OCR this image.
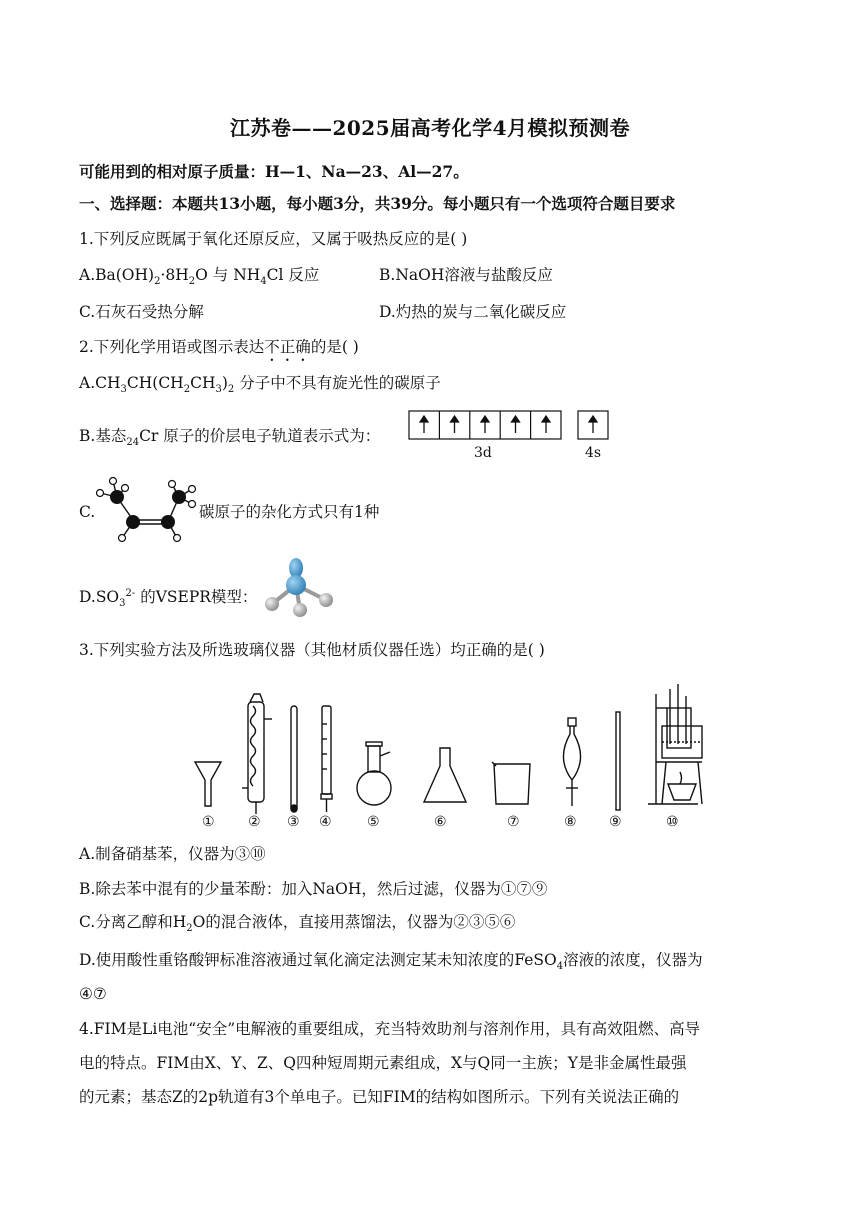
江苏卷——2025届高考化学4月模拟预测卷
可能用到的相对原子质量：H—1、Na—23、Al—27。
一、选择题：本题共13小题，每小题3分，共39分。每小题只有一个选项符合题目要求
1.下列反应既属于氧化还原反应，又属于吸热反应的是( )
$A.Ba(OH)_2\cdot 8H_2O$ 与 $NH_4Cl$ 反应	B.NaOH溶液与盐酸反应
C.石灰石受热分解	D.灼热的炭与二氧化碳反应
2.下列化学用语或图示表达不正确的是( )
$A.CH_3CH(CH_2CH_3)_2$ 分子中不具有旋光性的碳原子
B.基态$_{24}$Cr 原子的价层电子轨道表示式为：
3d	4s
C.	碳原子的杂化方式只有1种
$D.SO_3^{2-}$ 的VSEPR模型：
3.下列实验方法及所选玻璃仪器（其他材质仪器任选）均正确的是( )
① ② ③ ④	⑤	⑥	⑦	⑧ ⑨	⑩
A.制备硝基苯，仪器为③⑩
B.除去苯中混有的少量苯酚：加入NaOH，然后过滤，仪器为①⑦⑨
C.分离乙醇和$H_2O$的混合液体，直接用蒸馏法，仪器为②③⑤⑥
D.使用酸性重铬酸钾标准溶液通过氧化滴定法测定某未知浓度的FeSO$_4$溶液的浓度，仪器为
④⑦
4.FIM是Li电池“安全”电解液的重要组成，充当特效助剂与溶剂作用，具有高效阻燃、高导
电的特点。FIM由X、Y、Z、Q四种短周期元素组成，X与Q同一主族；Y是非金属性最强
的元素；基态Z的2p轨道有3个单电子。已知FIM的结构如图所示。下列有关说法正确的
